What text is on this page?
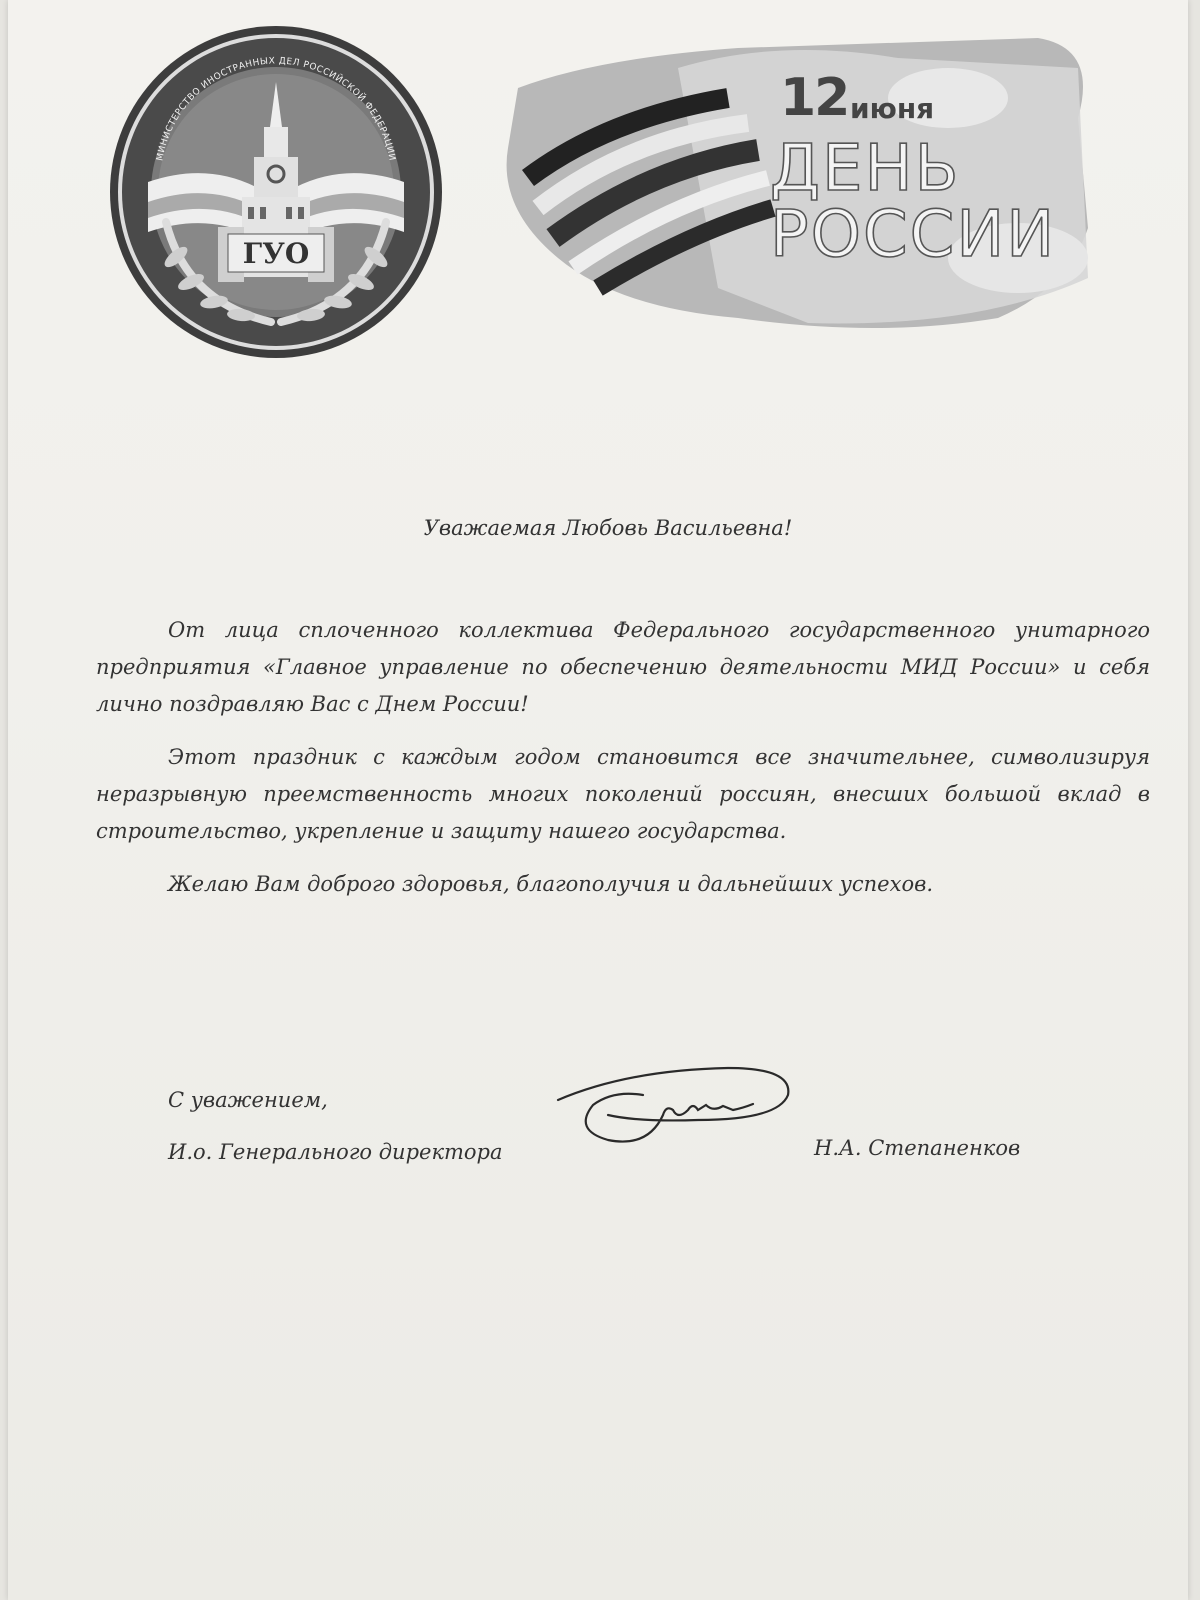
МИНИСТЕРСТВО ИНОСТРАННЫХ ДЕЛ РОССИЙСКОЙ ФЕДЕРАЦИИ
ГУО
12 июня
ДЕНЬ
РОССИИ
Уважаемая Любовь Васильевна!

От лица сплоченного коллектива Федерального государственного унитарного предприятия «Главное управление по обеспечению деятельности МИД России» и себя лично поздравляю Вас с Днем России!

Этот праздник с каждым годом становится все значительнее, символизируя неразрывную преемственность многих поколений россиян, внесших большой вклад в строительство, укрепление и защиту нашего государства.

Желаю Вам доброго здоровья, благополучия и дальнейших успехов.

С уважением,
И.о. Генерального директора	Н.А. Степаненков
